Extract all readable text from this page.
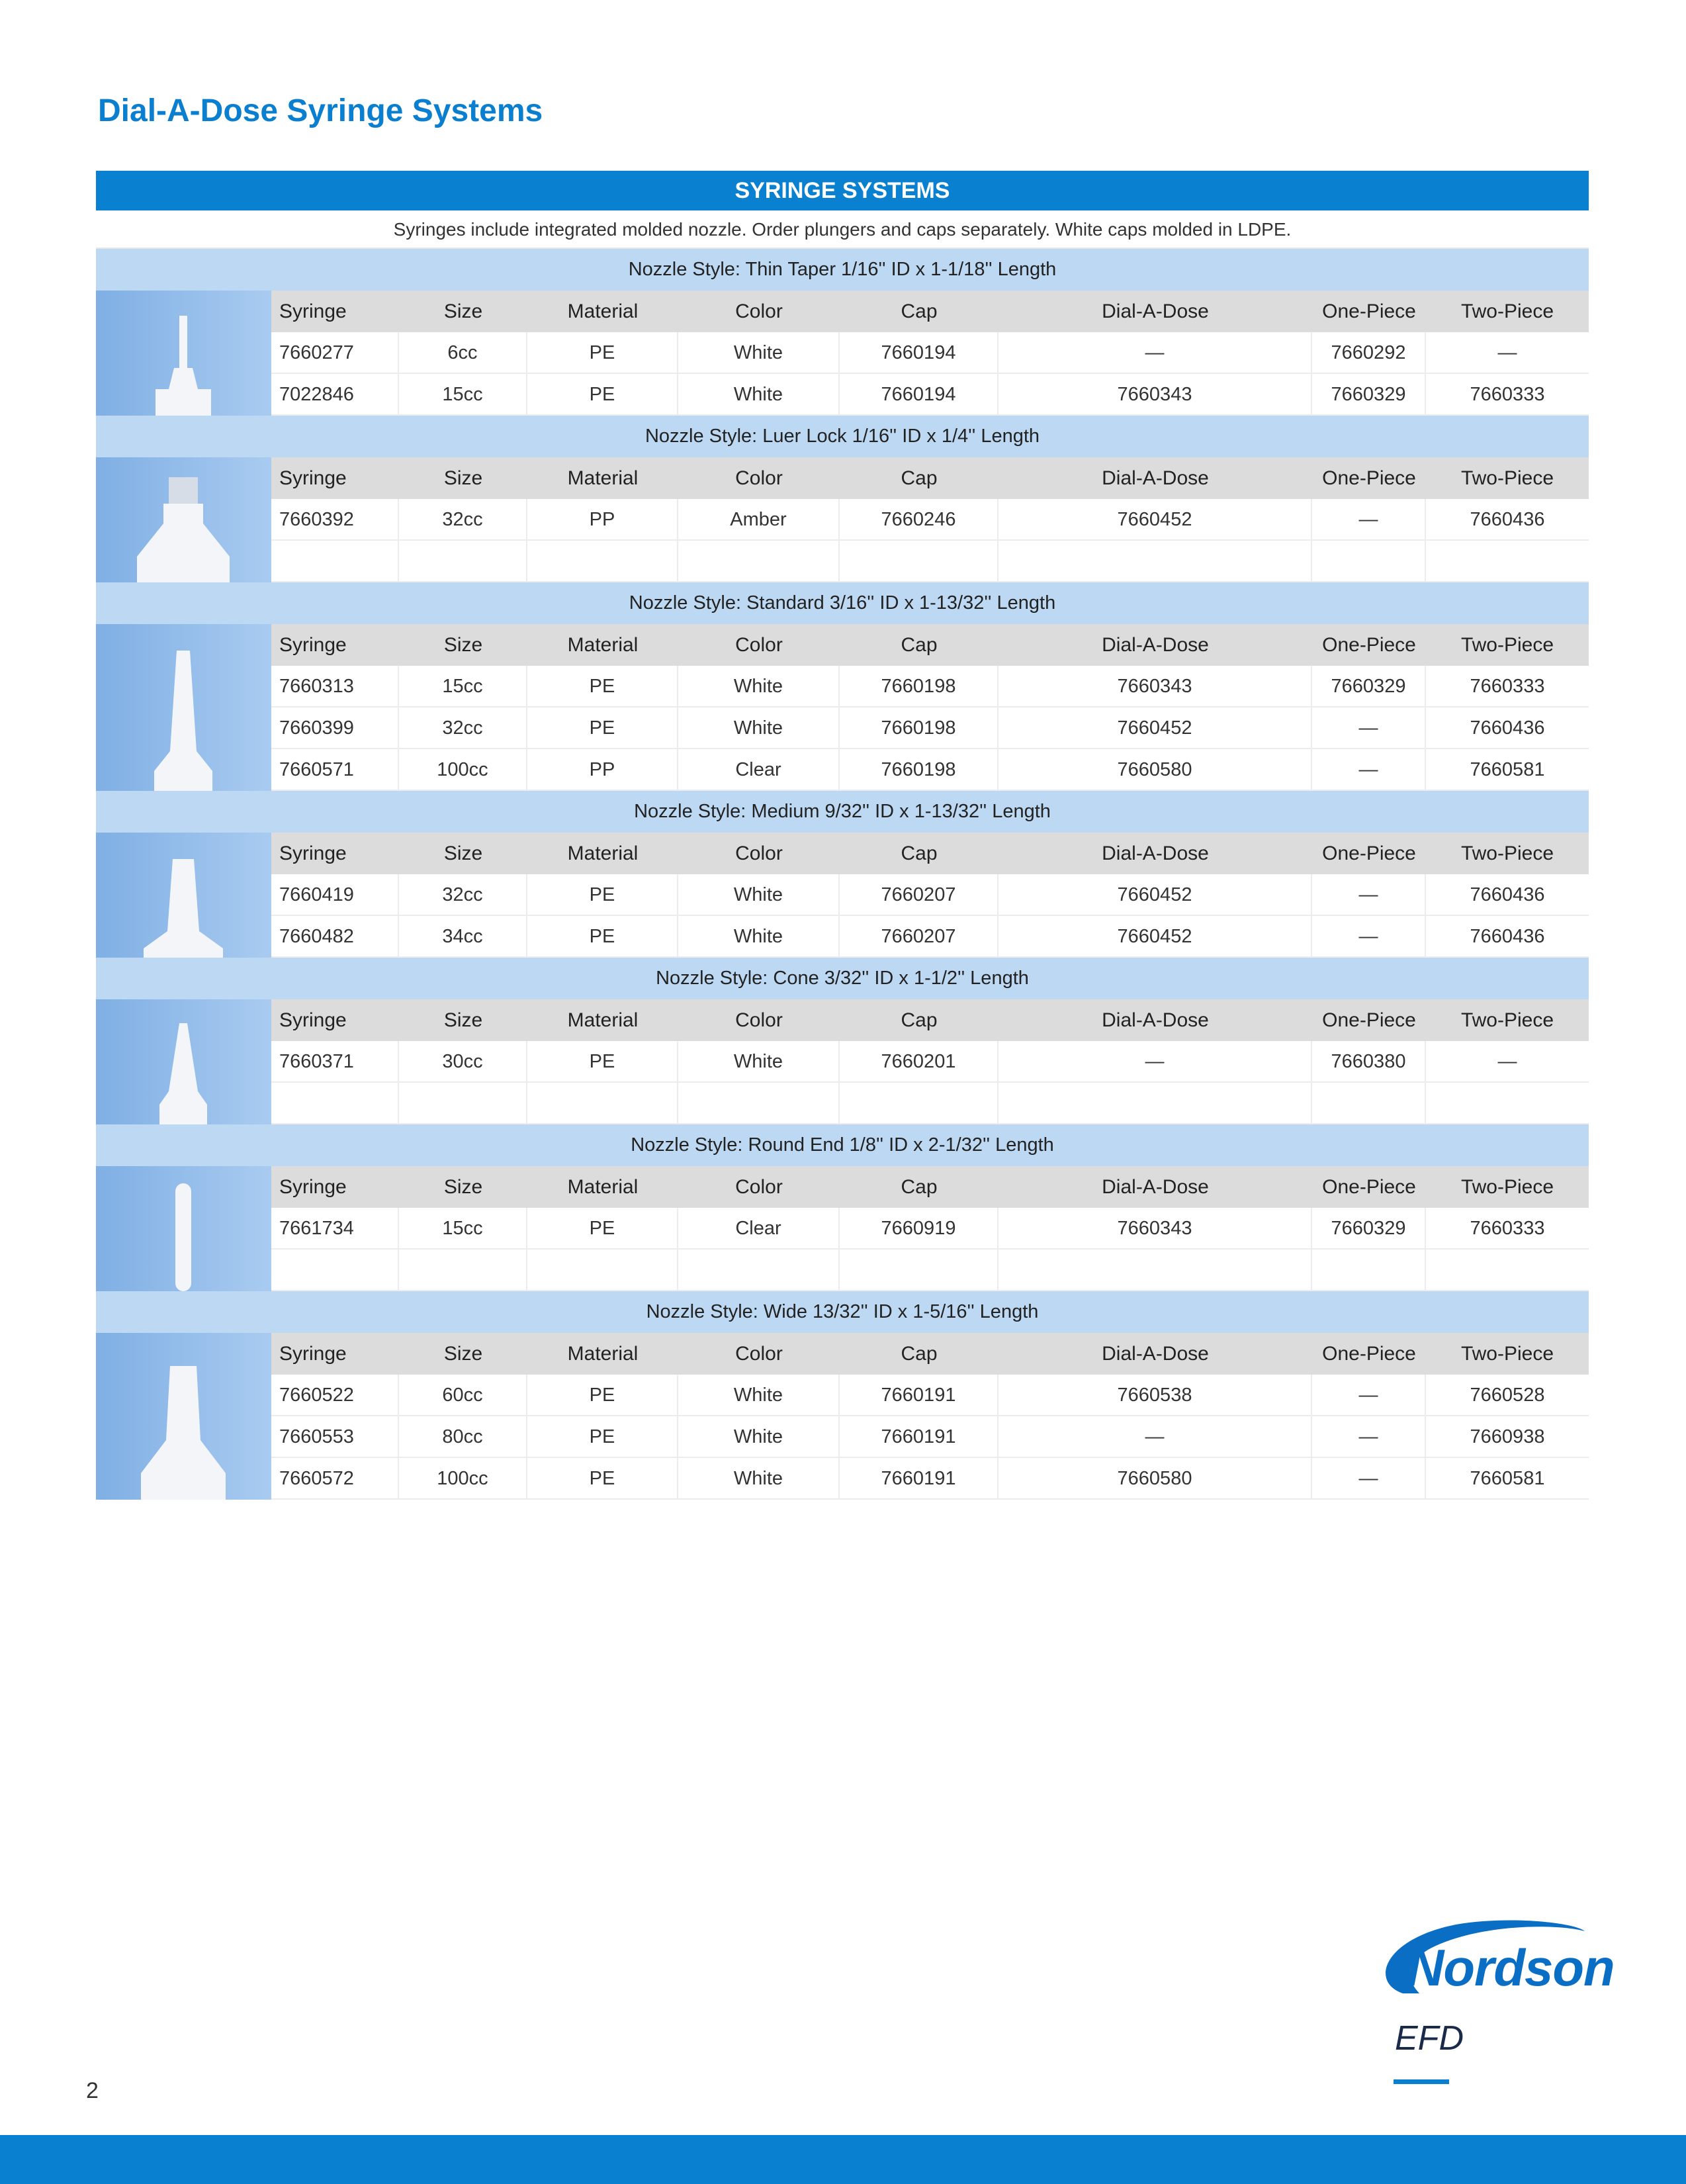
Dial-A-Dose Syringe Systems
SYRINGE SYSTEMS
Syringes include integrated molded nozzle. Order plungers and caps separately. White caps molded in LDPE.
Nozzle Style: Thin Taper 1/16'' ID x 1-1/18'' Length
Syringe	Size	Material	Color	Cap	Dial-A-Dose	One-Piece	Two-Piece
7660277	6cc	PE	White	7660194	—	7660292	—
7022846	15cc	PE	White	7660194	7660343	7660329	7660333
Nozzle Style: Luer Lock 1/16'' ID x 1/4'' Length
Syringe	Size	Material	Color	Cap	Dial-A-Dose	One-Piece	Two-Piece
7660392	32cc	PP	Amber	7660246	7660452	—	7660436
Nozzle Style: Standard 3/16'' ID x 1-13/32'' Length
Syringe	Size	Material	Color	Cap	Dial-A-Dose	One-Piece	Two-Piece
7660313	15cc	PE	White	7660198	7660343	7660329	7660333
7660399	32cc	PE	White	7660198	7660452	—	7660436
7660571	100cc	PP	Clear	7660198	7660580	—	7660581
Nozzle Style: Medium 9/32'' ID x 1-13/32'' Length
Syringe	Size	Material	Color	Cap	Dial-A-Dose	One-Piece	Two-Piece
7660419	32cc	PE	White	7660207	7660452	—	7660436
7660482	34cc	PE	White	7660207	7660452	—	7660436
Nozzle Style: Cone 3/32'' ID x 1-1/2'' Length
Syringe	Size	Material	Color	Cap	Dial-A-Dose	One-Piece	Two-Piece
7660371	30cc	PE	White	7660201	—	7660380	—
Nozzle Style: Round End 1/8'' ID x 2-1/32'' Length
Syringe	Size	Material	Color	Cap	Dial-A-Dose	One-Piece	Two-Piece
7661734	15cc	PE	Clear	7660919	7660343	7660329	7660333
Nozzle Style: Wide 13/32'' ID x 1-5/16'' Length
Syringe	Size	Material	Color	Cap	Dial-A-Dose	One-Piece	Two-Piece
7660522	60cc	PE	White	7660191	7660538	—	7660528
7660553	80cc	PE	White	7660191	—	—	7660938
7660572	100cc	PE	White	7660191	7660580	—	7660581
Nordson
EFD
2
